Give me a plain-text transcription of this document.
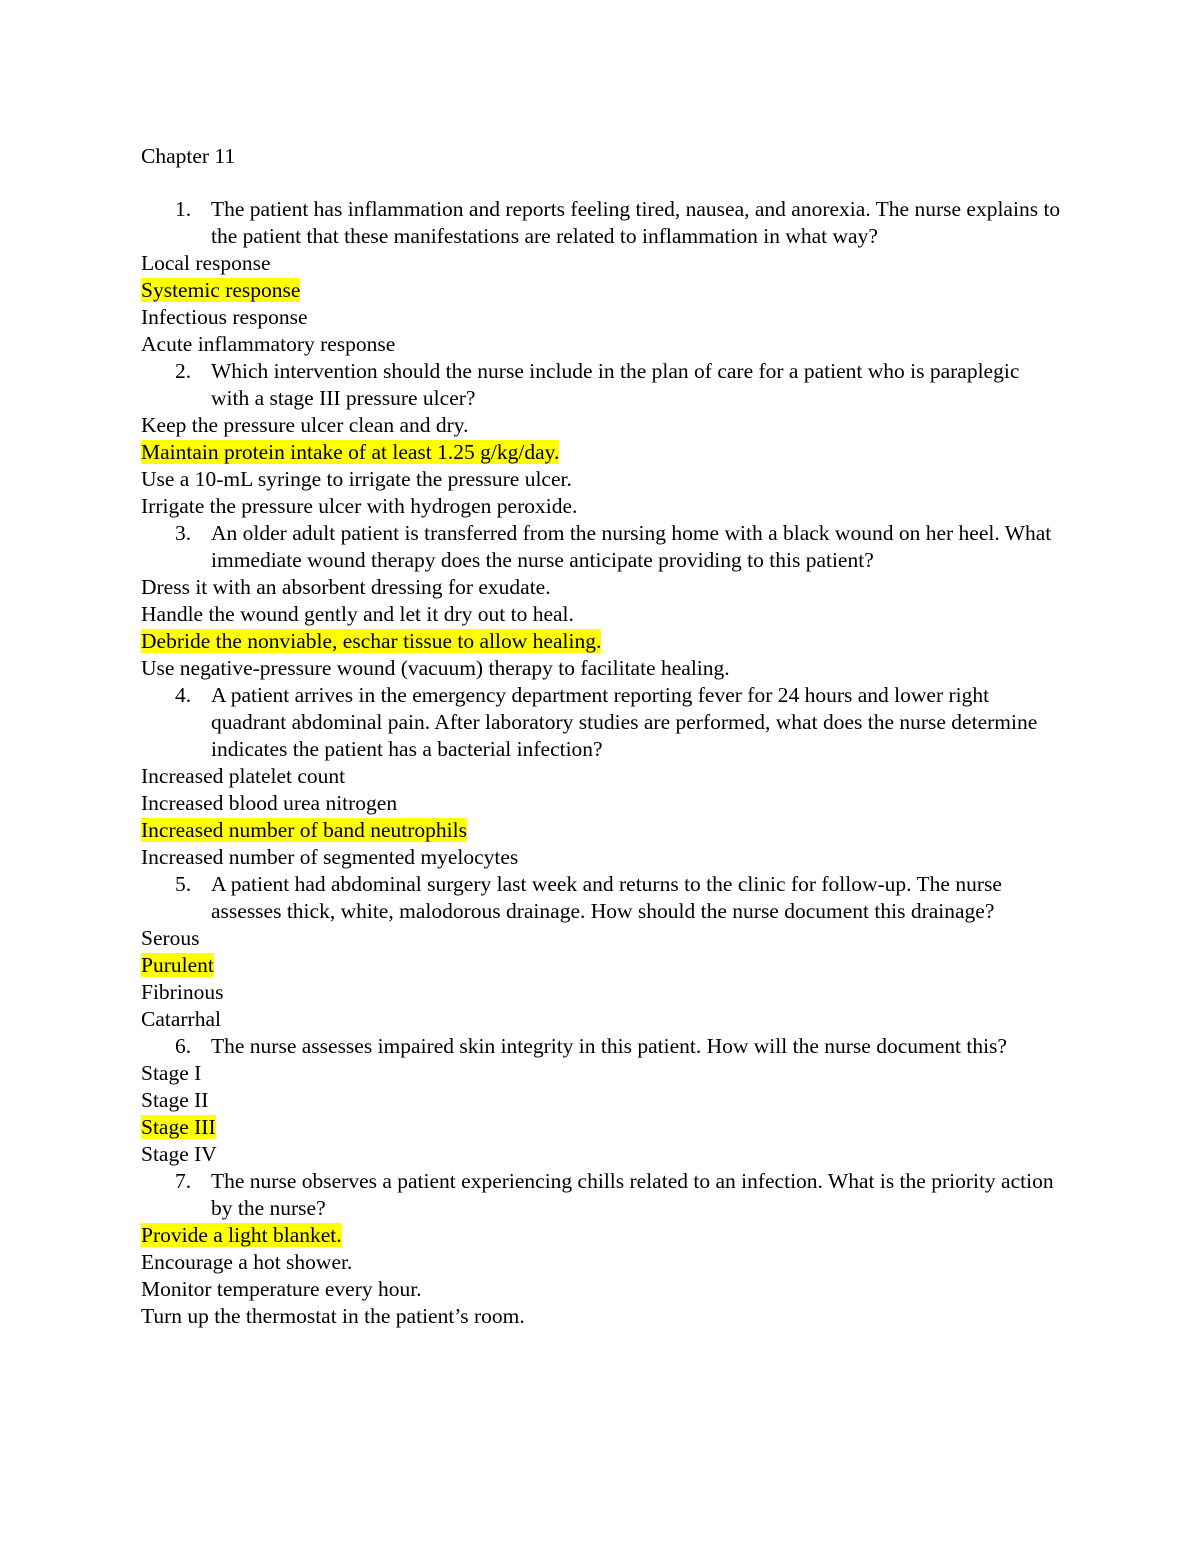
Chapter 11
1. The patient has inflammation and reports feeling tired, nausea, and anorexia. The nurse explains to the patient that these manifestations are related to inflammation in what way?
Local response
Systemic response
Infectious response
Acute inflammatory response
2. Which intervention should the nurse include in the plan of care for a patient who is paraplegic with a stage III pressure ulcer?
Keep the pressure ulcer clean and dry.
Maintain protein intake of at least 1.25 g/kg/day.
Use a 10-mL syringe to irrigate the pressure ulcer.
Irrigate the pressure ulcer with hydrogen peroxide.
3. An older adult patient is transferred from the nursing home with a black wound on her heel. What immediate wound therapy does the nurse anticipate providing to this patient?
Dress it with an absorbent dressing for exudate.
Handle the wound gently and let it dry out to heal.
Debride the nonviable, eschar tissue to allow healing.
Use negative-pressure wound (vacuum) therapy to facilitate healing.
4. A patient arrives in the emergency department reporting fever for 24 hours and lower right quadrant abdominal pain. After laboratory studies are performed, what does the nurse determine indicates the patient has a bacterial infection?
Increased platelet count
Increased blood urea nitrogen
Increased number of band neutrophils
Increased number of segmented myelocytes
5. A patient had abdominal surgery last week and returns to the clinic for follow-up. The nurse assesses thick, white, malodorous drainage. How should the nurse document this drainage?
Serous
Purulent
Fibrinous
Catarrhal
6. The nurse assesses impaired skin integrity in this patient. How will the nurse document this?
Stage I
Stage II
Stage III
Stage IV
7. The nurse observes a patient experiencing chills related to an infection. What is the priority action by the nurse?
Provide a light blanket.
Encourage a hot shower.
Monitor temperature every hour.
Turn up the thermostat in the patient’s room.
